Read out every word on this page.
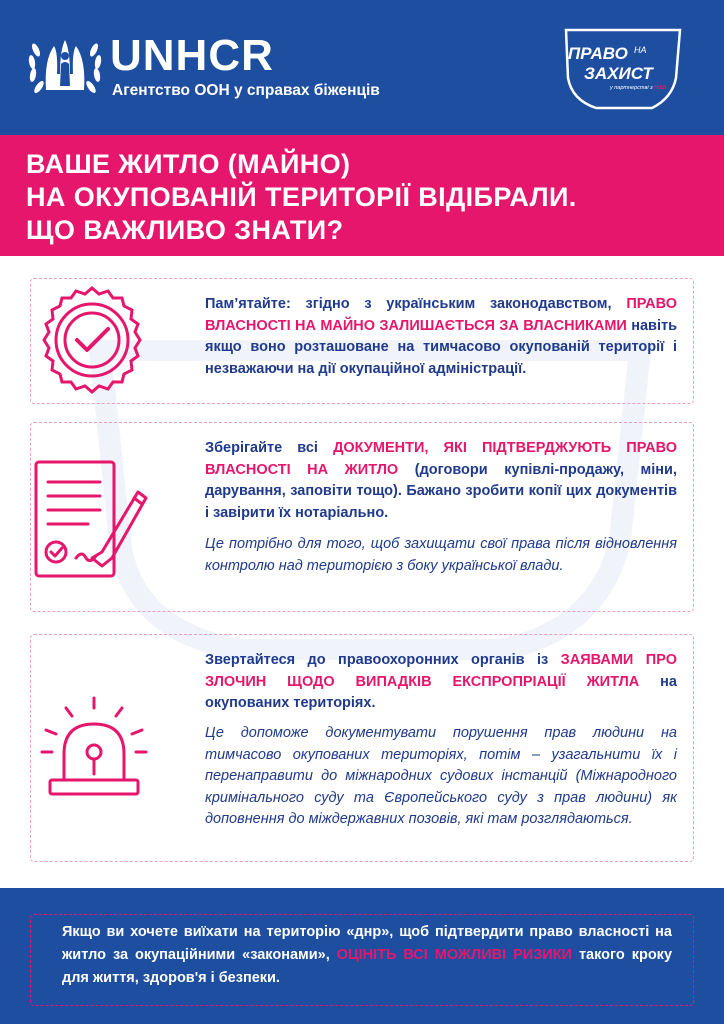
UNHCR
Агентство ООН у справах біженців
ПРАВО НА
ЗАХИСТ
у партнерстві з НАВ
ВАШЕ ЖИТЛО (МАЙНО)
НА ОКУПОВАНІЙ ТЕРИТОРІЇ ВІДІБРАЛИ.
ЩО ВАЖЛИВО ЗНАТИ?
Пам’ятайте: згідно з українським законодавством, ПРАВО ВЛАСНОСТІ НА МАЙНО ЗАЛИШАЄТЬСЯ ЗА ВЛАСНИКАМИ навіть якщо воно розташоване на тимчасово окупованій території і незважаючи на дії окупаційної адміністрації.
Зберігайте всі ДОКУМЕНТИ, ЯКІ ПІДТВЕРДЖУЮТЬ ПРАВО ВЛАСНОСТІ НА ЖИТЛО (договори купівлі-продажу, міни, дарування, заповіти тощо). Бажано зробити копії цих документів і завірити їх нотаріально.
Це потрібно для того, щоб захищати свої права після відновлення контролю над територією з боку української влади.
Звертайтеся до правоохоронних органів із ЗАЯВАМИ ПРО ЗЛОЧИН ЩОДО ВИПАДКІВ ЕКСПРОПРІАЦІЇ ЖИТЛА на окупованих територіях.
Це допоможе документувати порушення прав людини на тимчасово окупованих територіях, потім – узагальнити їх і перенаправити до міжнародних судових інстанцій (Міжнародного кримінального суду та Європейського суду з прав людини) як доповнення до міждержавних позовів, які там розглядаються.
Якщо ви хочете виїхати на територію «днр», щоб підтвердити право власності на житло за окупаційними «законами», ОЦІНІТЬ ВСІ МОЖЛИВІ РИЗИКИ такого кроку для життя, здоров'я і безпеки.
